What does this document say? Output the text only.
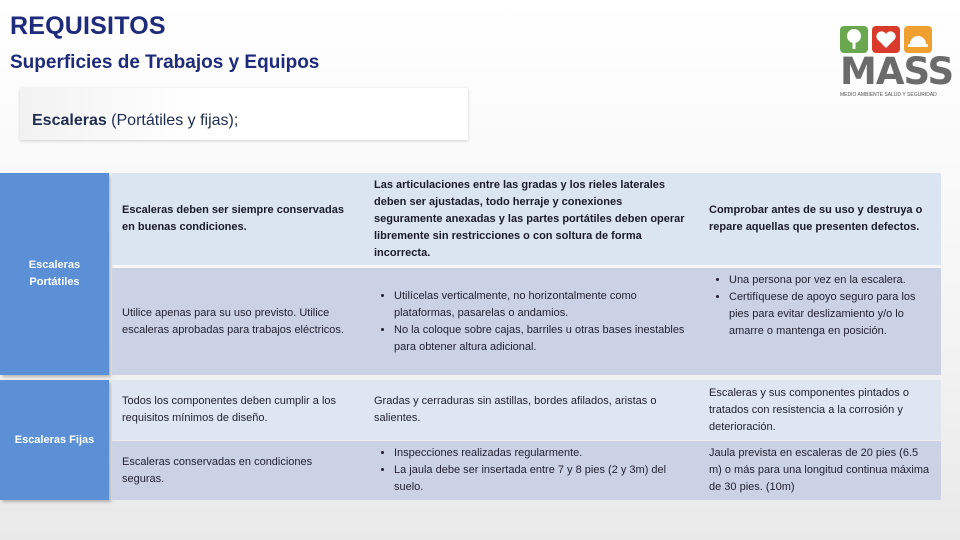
REQUISITOS
Superficies de Trabajos y Equipos
Escaleras (Portátiles y fijas);
MASS
MEDIO AMBIENTE SALUD Y SEGURIDAD
Escaleras
Portátiles
Escaleras deben ser siempre conservadas en buenas condiciones.
Las articulaciones entre las gradas y los rieles laterales deben ser ajustadas, todo herraje y conexiones seguramente anexadas y las partes portátiles deben operar libremente sin restricciones o con soltura de forma incorrecta.
Comprobar antes de su uso y destruya o repare aquellas que presenten defectos.
Utilice apenas para su uso previsto. Utilice escaleras aprobadas para trabajos eléctricos.
• Utilícelas verticalmente, no horizontalmente como plataformas, pasarelas o andamios.
• No la coloque sobre cajas, barriles u otras bases inestables para obtener altura adicional.
• Una persona por vez en la escalera.
• Certifíquese de apoyo seguro para los pies para evitar deslizamiento y/o lo amarre o mantenga en posición.
Escaleras Fijas
Todos los componentes deben cumplir a los requisitos mínimos de diseño.
Gradas y cerraduras sin astillas, bordes afilados, aristas o salientes.
Escaleras y sus componentes pintados o tratados con resistencia a la corrosión y deterioración.
Escaleras conservadas en condiciones seguras.
• Inspecciones realizadas regularmente.
• La jaula debe ser insertada entre 7 y 8 pies (2 y 3m) del suelo.
Jaula prevista en escaleras de 20 pies (6.5 m) o más para una longitud continua máxima de 30 pies. (10m)
